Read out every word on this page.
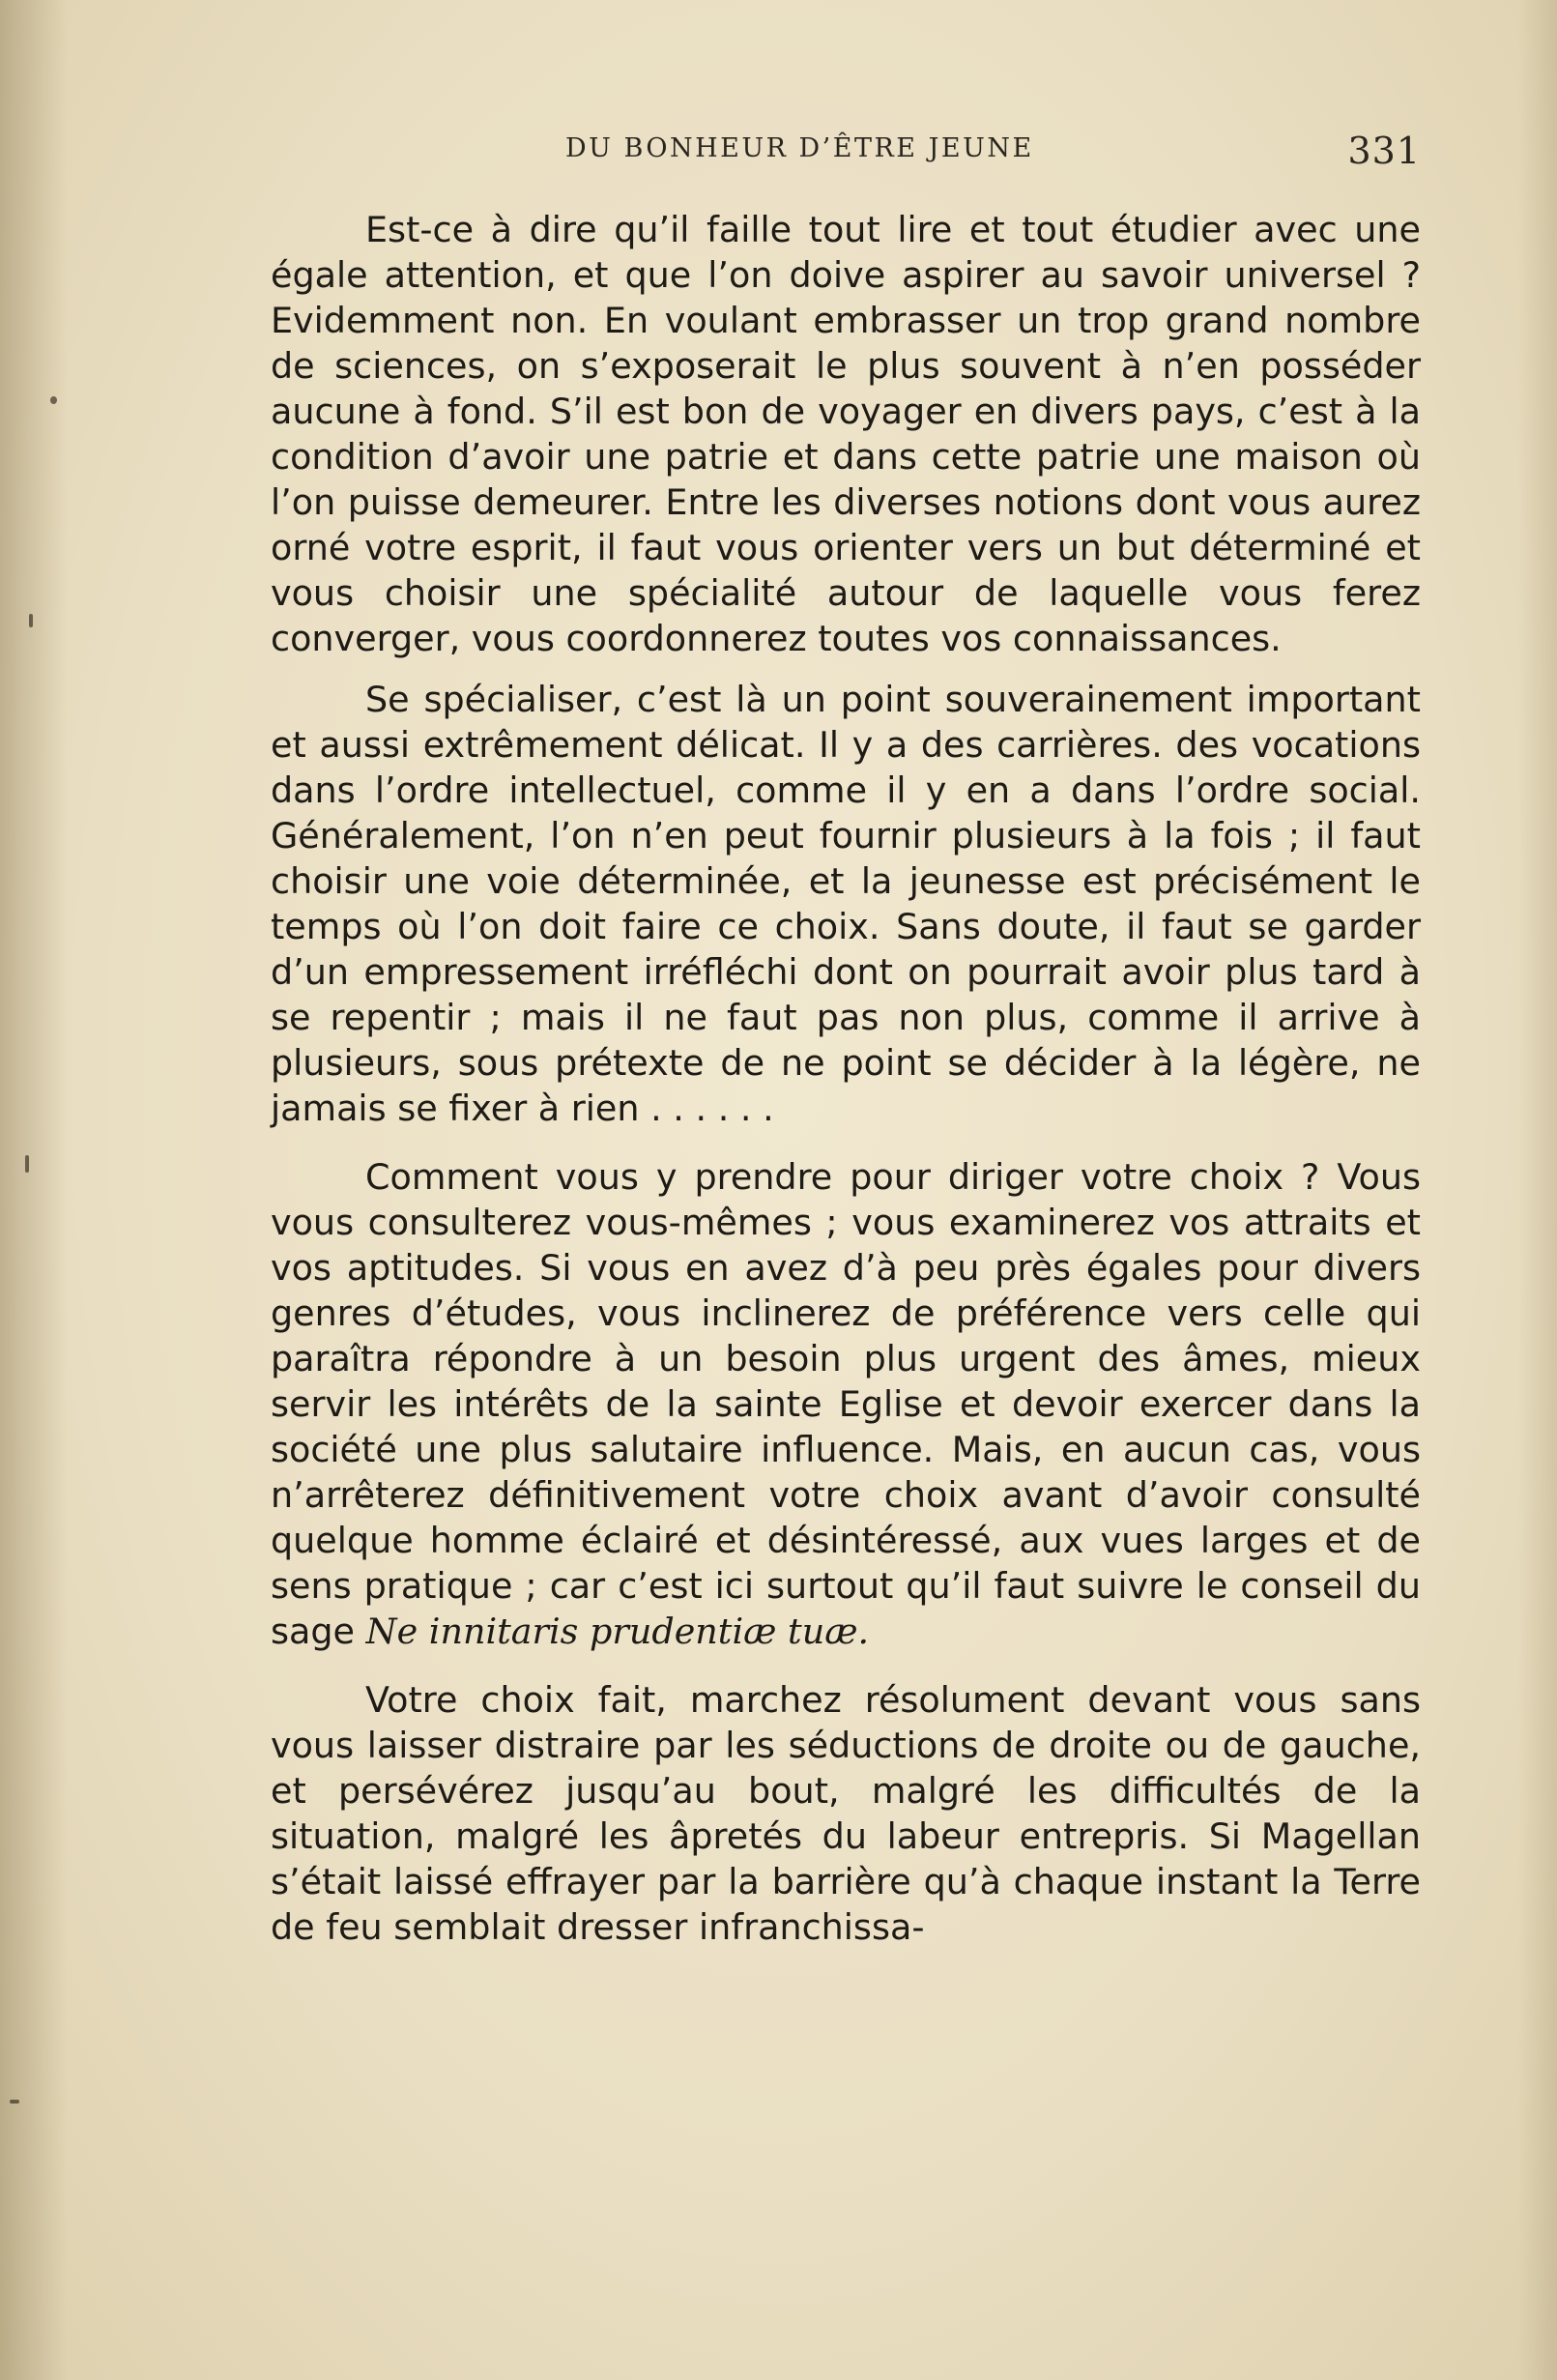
DU BONHEUR D’ÊTRE JEUNE	331

Est-ce à dire qu’il faille tout lire et tout étudier avec une égale attention, et que l’on doive aspirer au savoir universel ? Evidemment non. En voulant embrasser un trop grand nombre de sciences, on s’exposerait le plus souvent à n’en posséder aucune à fond. S’il est bon de voyager en divers pays, c’est à la condition d’avoir une patrie et dans cette patrie une maison où l’on puisse demeurer. Entre les diverses notions dont vous aurez orné votre esprit, il faut vous orienter vers un but déterminé et vous choisir une spécialité autour de laquelle vous ferez converger, vous coordonnerez toutes vos connaissances.

Se spécialiser, c’est là un point souverainement important et aussi extrêmement délicat. Il y a des carrières. des vocations dans l’ordre intellectuel, comme il y en a dans l’ordre social. Généralement, l’on n’en peut fournir plusieurs à la fois ; il faut choisir une voie déterminée, et la jeunesse est précisément le temps où l’on doit faire ce choix. Sans doute, il faut se garder d’un empressement irréfléchi dont on pourrait avoir plus tard à se repentir ; mais il ne faut pas non plus, comme il arrive à plusieurs, sous prétexte de ne point se décider à la légère, ne jamais se fixer à rien . . . . . .

Comment vous y prendre pour diriger votre choix ? Vous vous consulterez vous-mêmes ; vous examinerez vos attraits et vos aptitudes. Si vous en avez d’à peu près égales pour divers genres d’études, vous inclinerez de préférence vers celle qui paraîtra répondre à un besoin plus urgent des âmes, mieux servir les intérêts de la sainte Eglise et devoir exercer dans la société une plus salutaire influence. Mais, en aucun cas, vous n’arrêterez définitivement votre choix avant d’avoir consulté quelque homme éclairé et désintéressé, aux vues larges et de sens pratique ; car c’est ici surtout qu’il faut suivre le conseil du sage Ne innitaris prudentiæ tuæ.

Votre choix fait, marchez résolument devant vous sans vous laisser distraire par les séductions de droite ou de gauche, et persévérez jusqu’au bout, malgré les difficultés de la situation, malgré les âpretés du labeur entrepris. Si Magellan s’était laissé effrayer par la barrière qu’à chaque instant la Terre de feu semblait dresser infranchissa-
